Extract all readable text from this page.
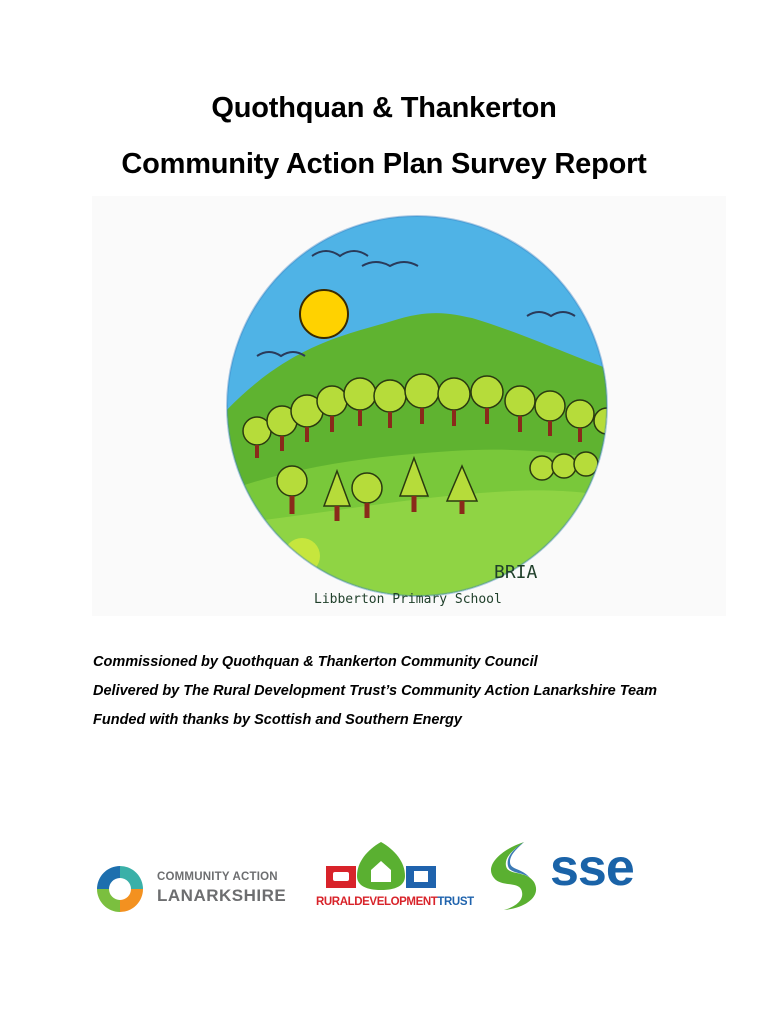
Quothquan & Thankerton
Community Action Plan Survey Report
BRIA
Libberton Primary School

Commissioned by Quothquan & Thankerton Community Council

Delivered by The Rural Development Trust’s Community Action Lanarkshire Team

Funded with thanks by Scottish and Southern Energy

COMMUNITY ACTION
LANARKSHIRE	RURALDEVELOPMENTTRUST
sse
